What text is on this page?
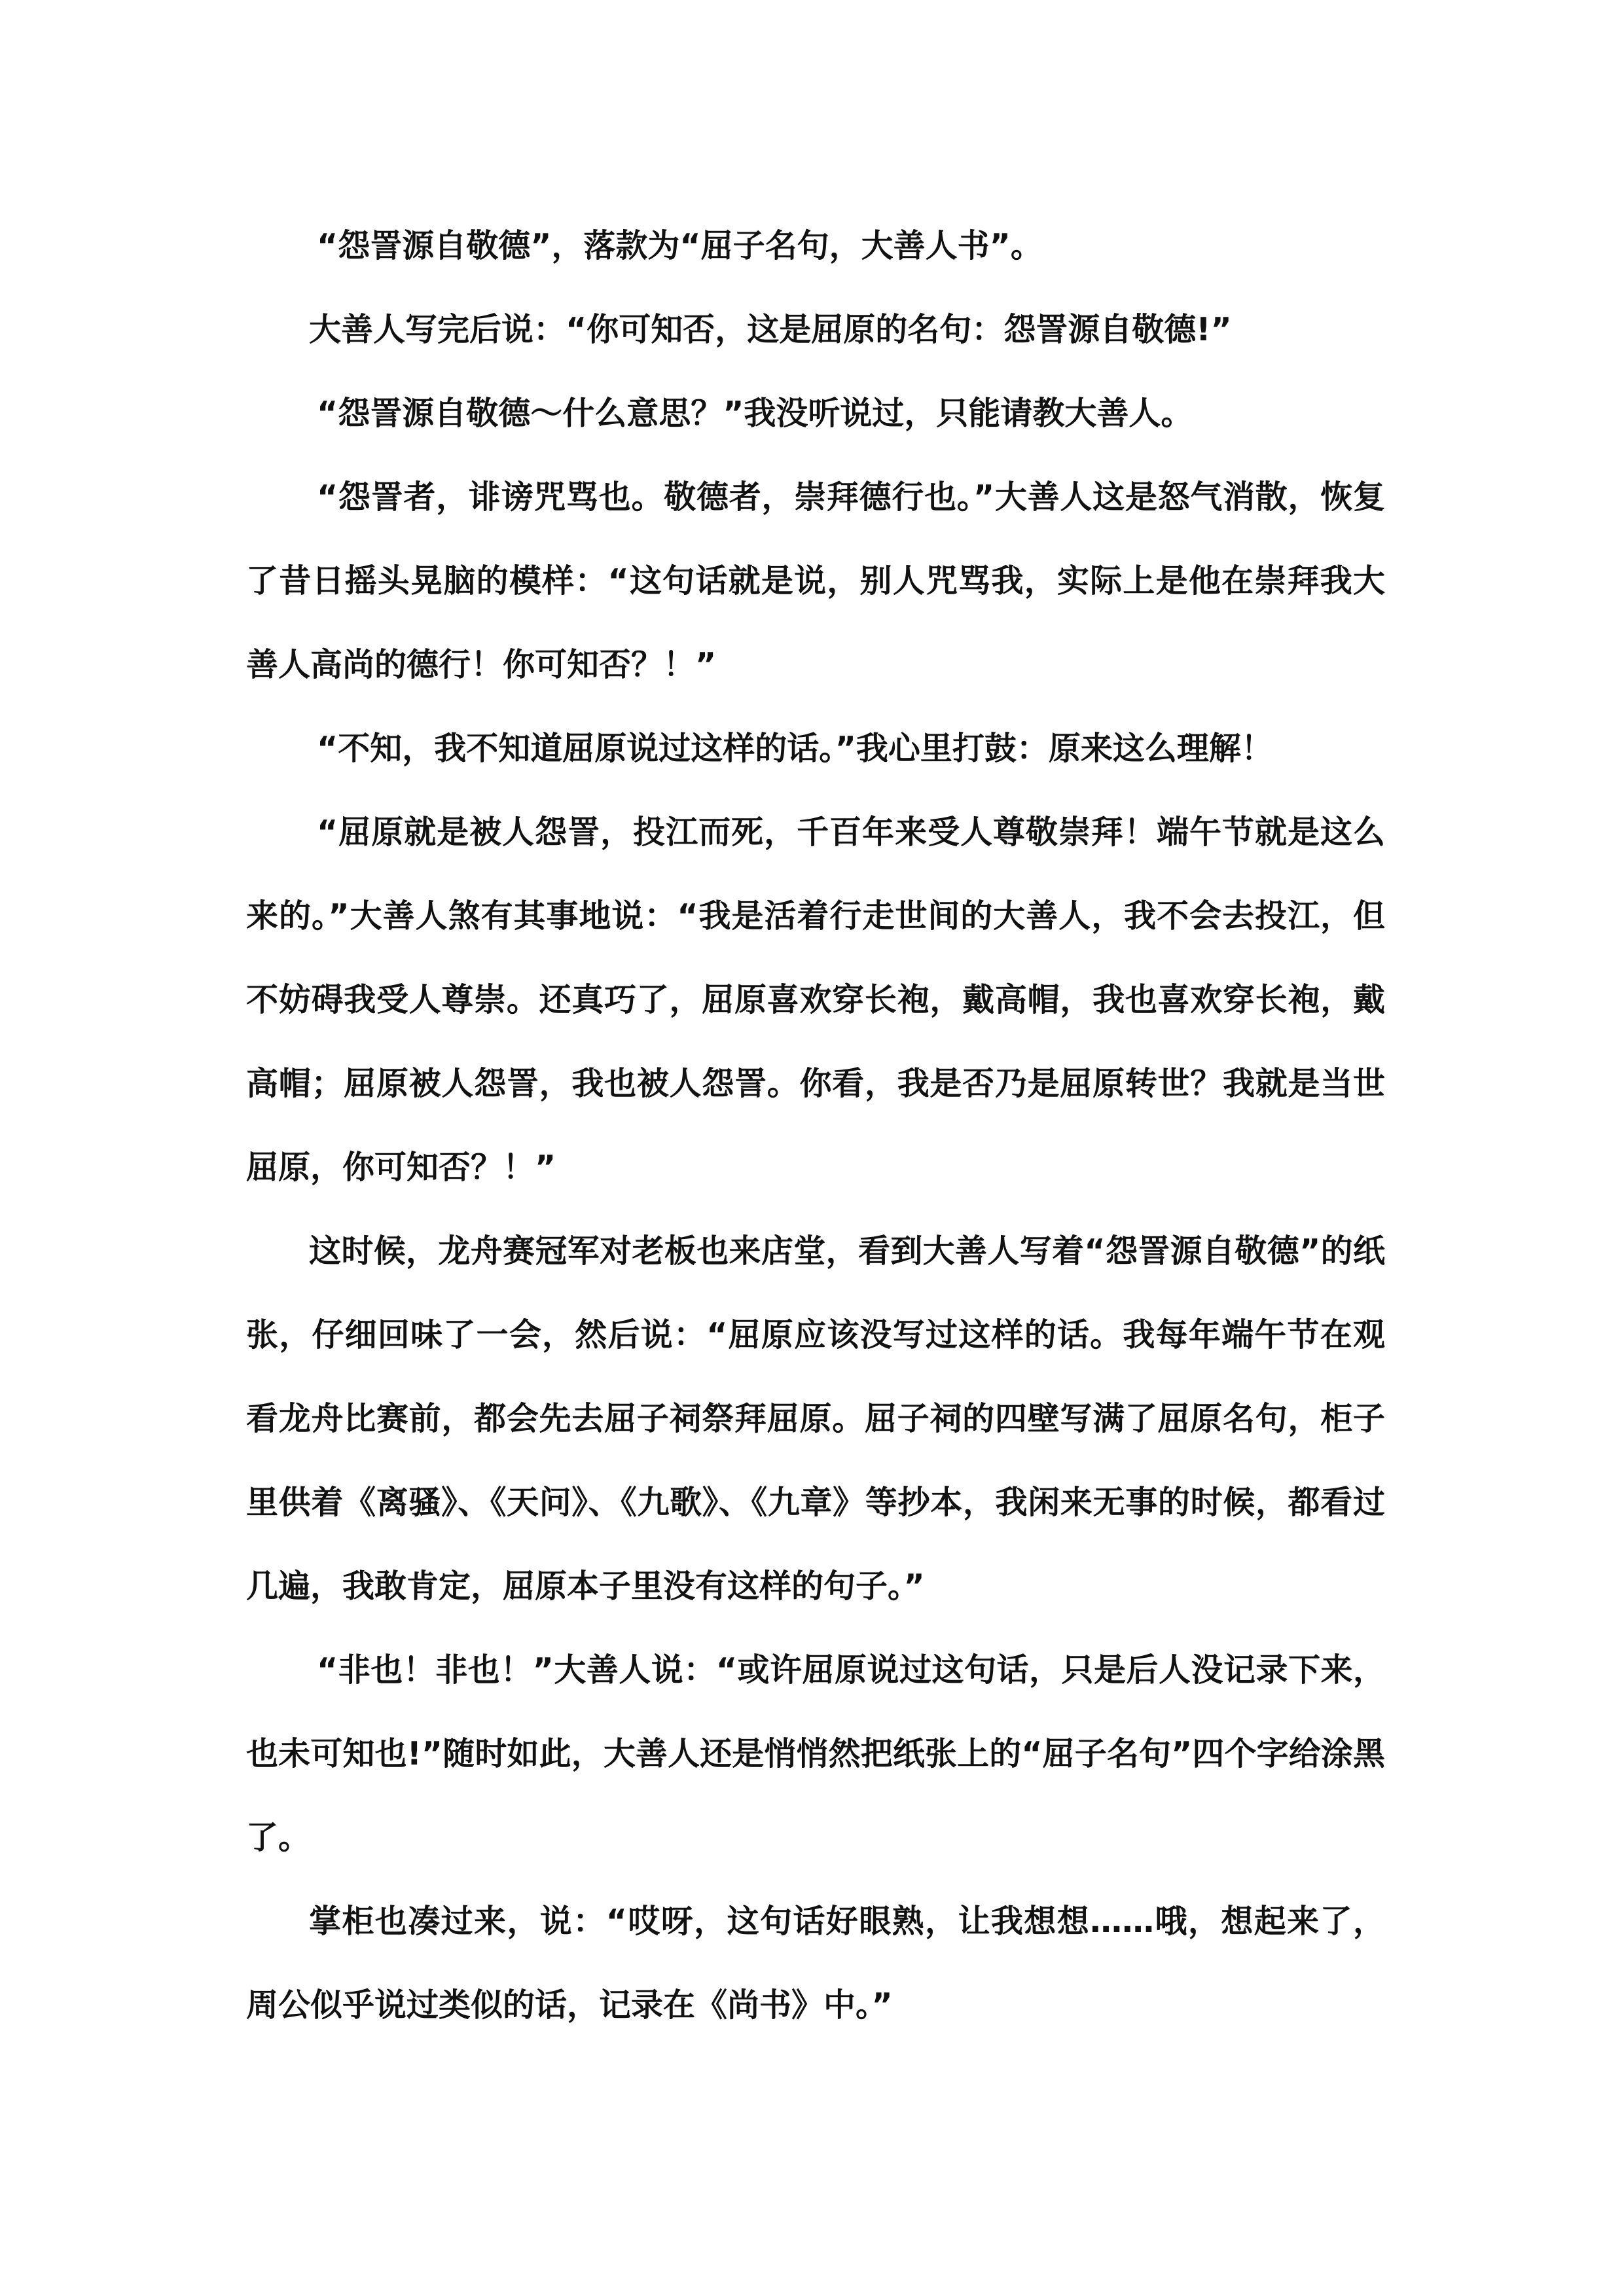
“怨詈源自敬德”，落款为“屈子名句，大善人书”。

大善人写完后说：“你可知否，这是屈原的名句：怨詈源自敬德!”

“怨詈源自敬德～什么意思？”我没听说过，只能请教大善人。

“怨詈者，诽谤咒骂也。敬德者，崇拜德行也。”大善人这是怒气消散，恢复了昔日摇头晃脑的模样：“这句话就是说，别人咒骂我，实际上是他在崇拜我大善人高尚的德行！你可知否？！”

“不知，我不知道屈原说过这样的话。”我心里打鼓：原来这么理解！

“屈原就是被人怨詈，投江而死，千百年来受人尊敬崇拜！端午节就是这么来的。”大善人煞有其事地说：“我是活着行走世间的大善人，我不会去投江，但不妨碍我受人尊崇。还真巧了，屈原喜欢穿长袍，戴高帽，我也喜欢穿长袍，戴高帽；屈原被人怨詈，我也被人怨詈。你看，我是否乃是屈原转世？我就是当世屈原，你可知否？！”

这时候，龙舟赛冠军对老板也来店堂，看到大善人写着“怨詈源自敬德”的纸张，仔细回味了一会，然后说：“屈原应该没写过这样的话。我每年端午节在观看龙舟比赛前，都会先去屈子祠祭拜屈原。屈子祠的四壁写满了屈原名句，柜子里供着《离骚》、《天问》、《九歌》、《九章》等抄本，我闲来无事的时候，都看过几遍，我敢肯定，屈原本子里没有这样的句子。”

“非也！非也！”大善人说：“或许屈原说过这句话，只是后人没记录下来，也未可知也!”随时如此，大善人还是悄悄然把纸张上的“屈子名句”四个字给涂黑了。

掌柜也凑过来，说：“哎呀，这句话好眼熟，让我想想……哦，想起来了，周公似乎说过类似的话，记录在《尚书》中。”
